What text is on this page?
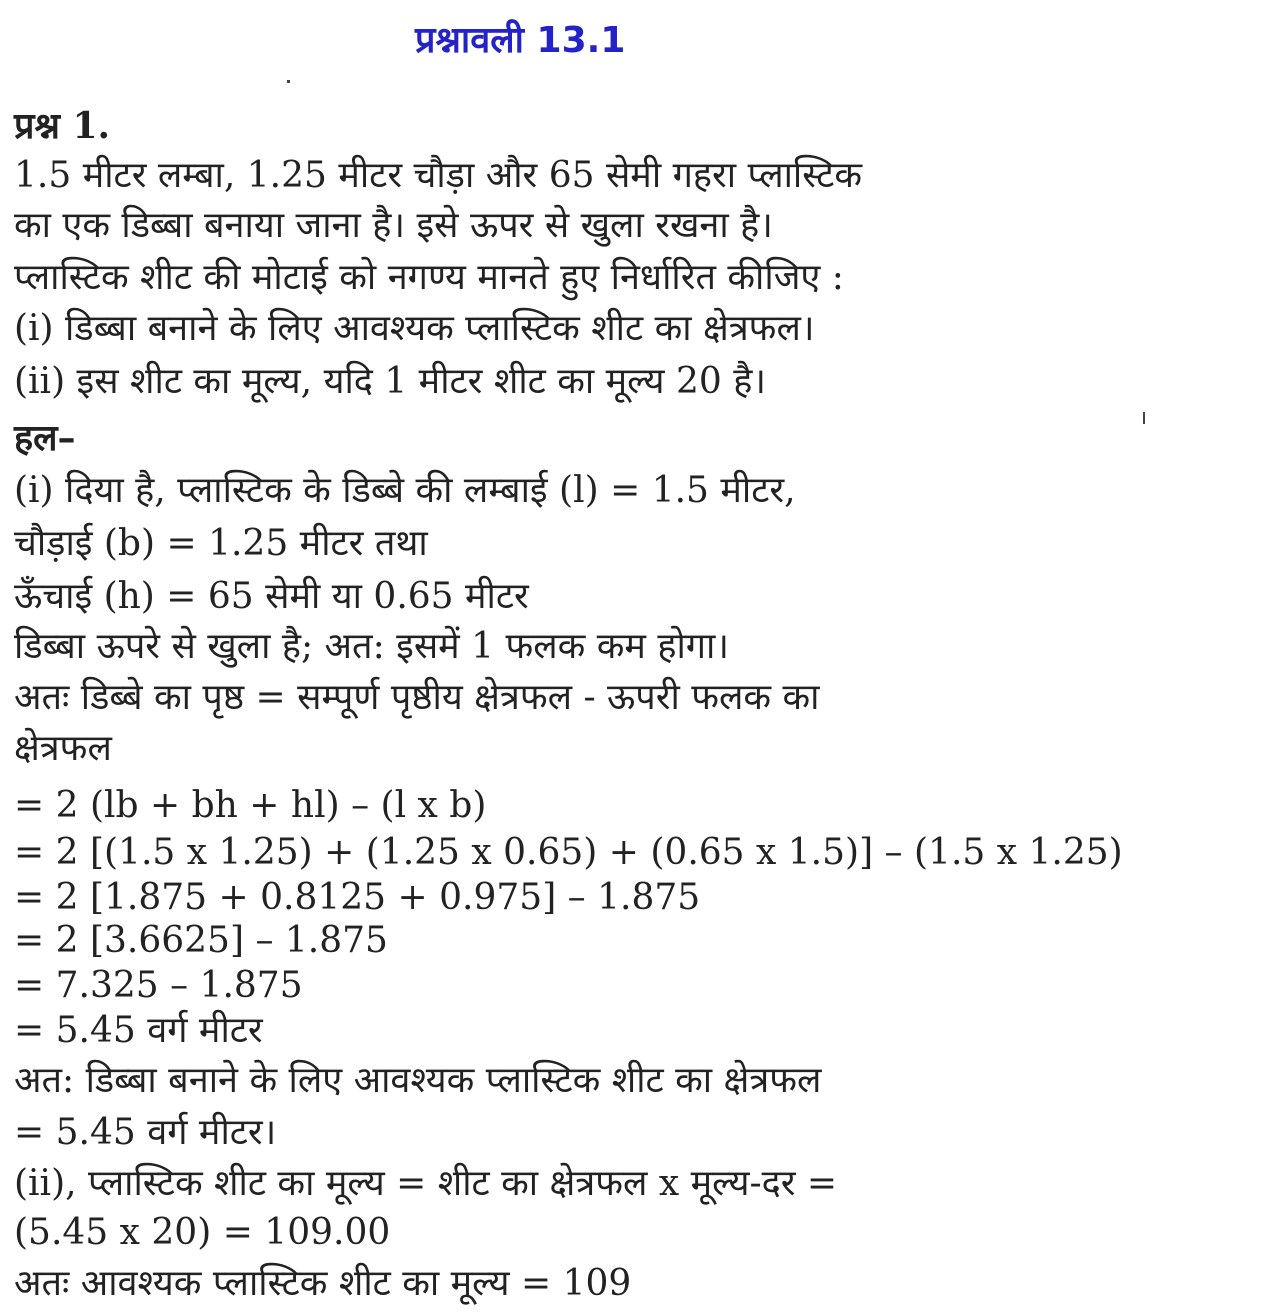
प्रश्नावली 13.1
प्रश्न 1.
1.5 मीटर लम्बा, 1.25 मीटर चौड़ा और 65 सेमी गहरा प्लास्टिक
का एक डिब्बा बनाया जाना है। इसे ऊपर से खुला रखना है।
प्लास्टिक शीट की मोटाई को नगण्य मानते हुए निर्धारित कीजिए :
(i) डिब्बा बनाने के लिए आवश्यक प्लास्टिक शीट का क्षेत्रफल।
(ii) इस शीट का मूल्य, यदि 1 मीटर शीट का मूल्य 20 है।
हल–
(i) दिया है, प्लास्टिक के डिब्बे की लम्बाई (l) = 1.5 मीटर,
चौड़ाई (b) = 1.25 मीटर तथा
ऊँचाई (h) = 65 सेमी या 0.65 मीटर
डिब्बा ऊपरे से खुला है; अत: इसमें 1 फलक कम होगा।
अतः डिब्बे का पृष्ठ = सम्पूर्ण पृष्ठीय क्षेत्रफल - ऊपरी फलक का
क्षेत्रफल
= 2 (lb + bh + hl) – (l x b)
= 2 [(1.5 x 1.25) + (1.25 x 0.65) + (0.65 x 1.5)] – (1.5 x 1.25)
= 2 [1.875 + 0.8125 + 0.975] – 1.875
= 2 [3.6625] – 1.875
= 7.325 – 1.875
= 5.45 वर्ग मीटर
अत: डिब्बा बनाने के लिए आवश्यक प्लास्टिक शीट का क्षेत्रफल
= 5.45 वर्ग मीटर।
(ii), प्लास्टिक शीट का मूल्य = शीट का क्षेत्रफल x मूल्य-दर =
(5.45 x 20) = 109.00
अतः आवश्यक प्लास्टिक शीट का मूल्य = 109
